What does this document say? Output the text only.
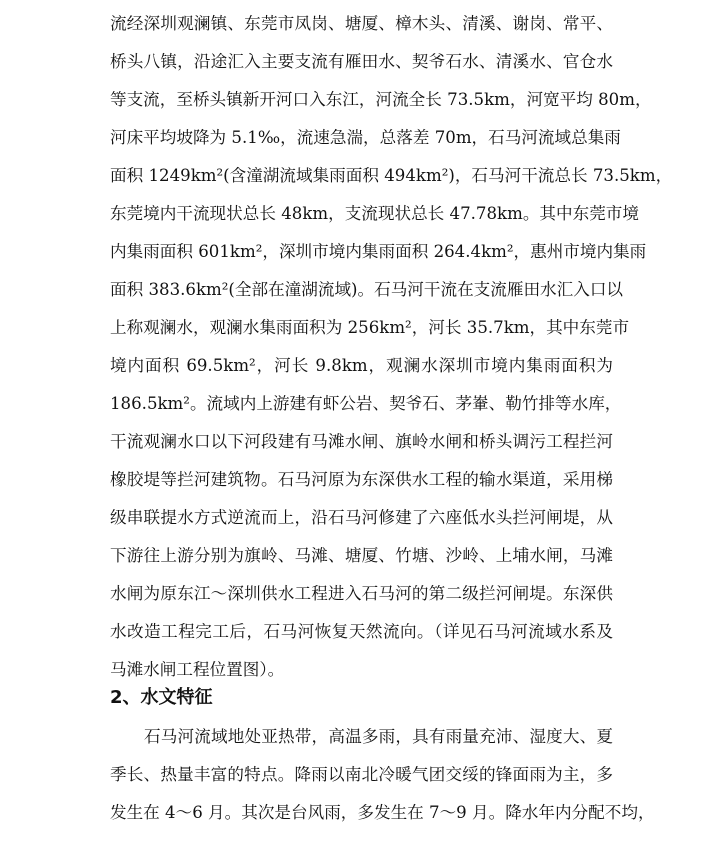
流经深圳观澜镇、东莞市凤岗、塘厦、樟木头、清溪、谢岗、常平、
桥头八镇，沿途汇入主要支流有雁田水、契爷石水、清溪水、官仓水
等支流，至桥头镇新开河口入东江，河流全长 73.5km，河宽平均 80m，
河床平均坡降为 5.1‰，流速急湍，总落差 70m，石马河流域总集雨
面积 1249km²(含潼湖流域集雨面积 494km²)，石马河干流总长 73.5km，
东莞境内干流现状总长 48km，支流现状总长 47.78km。其中东莞市境
内集雨面积 601km²，深圳市境内集雨面积 264.4km²，惠州市境内集雨
面积 383.6km²(全部在潼湖流域)。石马河干流在支流雁田水汇入口以
上称观澜水，观澜水集雨面积为 256km²，河长 35.7km，其中东莞市
境内面积 69.5km²，河长 9.8km，观澜水深圳市境内集雨面积为
186.5km²。流域内上游建有虾公岩、契爷石、茅輋、勒竹排等水库，
干流观澜水口以下河段建有马滩水闸、旗岭水闸和桥头调污工程拦河
橡胶堤等拦河建筑物。石马河原为东深供水工程的输水渠道，采用梯
级串联提水方式逆流而上，沿石马河修建了六座低水头拦河闸堤，从
下游往上游分别为旗岭、马滩、塘厦、竹塘、沙岭、上埔水闸，马滩
水闸为原东江～深圳供水工程进入石马河的第二级拦河闸堤。东深供
水改造工程完工后，石马河恢复天然流向。（详见石马河流域水系及
马滩水闸工程位置图）。
2、水文特征
石马河流域地处亚热带，高温多雨，具有雨量充沛、湿度大、夏
季长、热量丰富的特点。降雨以南北冷暖气团交绥的锋面雨为主，多
发生在 4～6 月。其次是台风雨，多发生在 7～9 月。降水年内分配不均，
